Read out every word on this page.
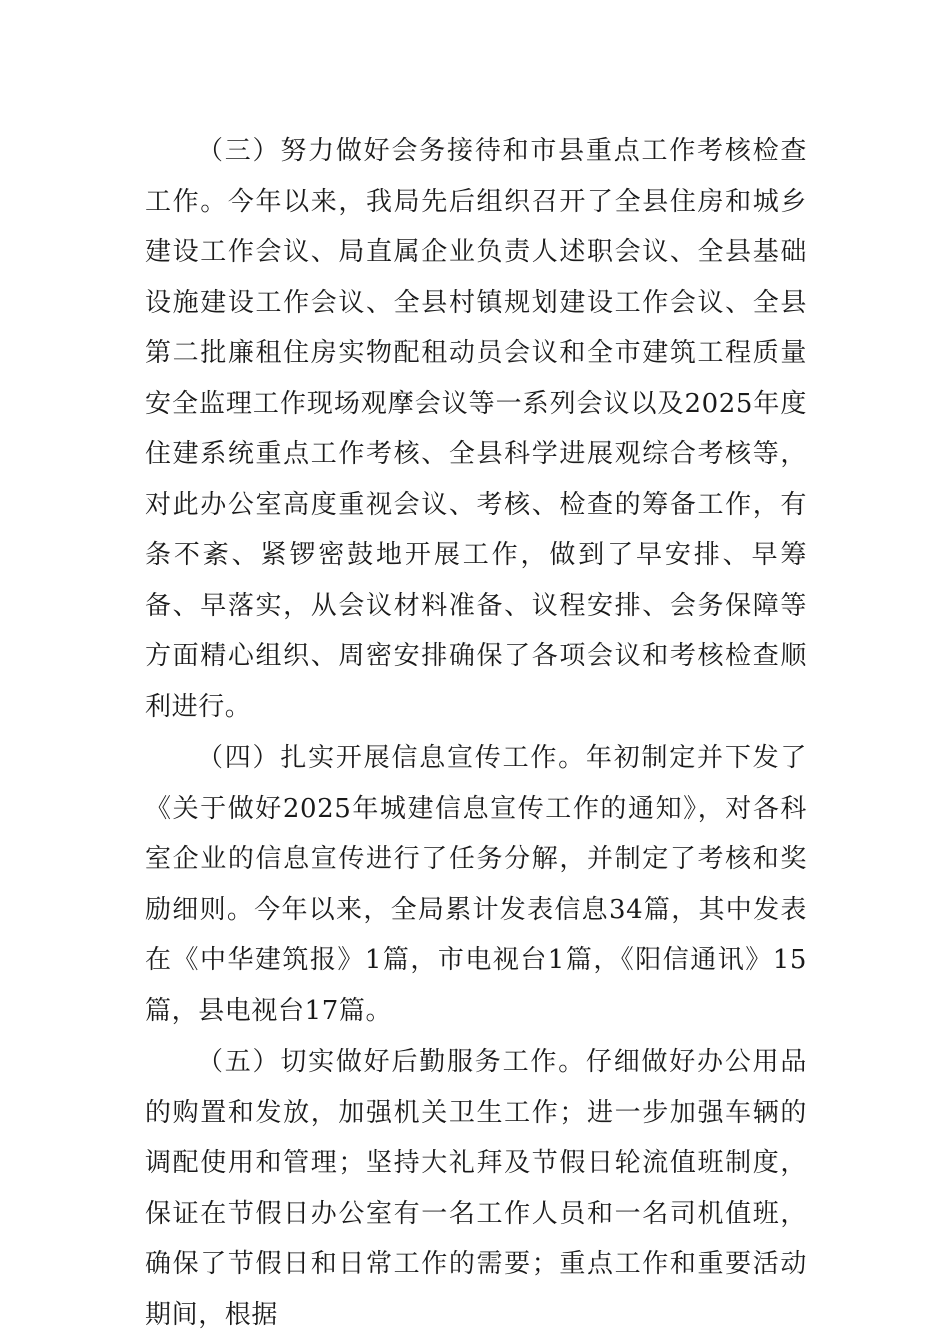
（三）努力做好会务接待和市县重点工作考核检查工作。今年以来，我局先后组织召开了全县住房和城乡建设工作会议、局直属企业负责人述职会议、全县基础设施建设工作会议、全县村镇规划建设工作会议、全县第二批廉租住房实物配租动员会议和全市建筑工程质量安全监理工作现场观摩会议等一系列会议以及2025年度住建系统重点工作考核、全县科学进展观综合考核等，对此办公室高度重视会议、考核、检查的筹备工作，有条不紊、紧锣密鼓地开展工作，做到了早安排、早筹备、早落实，从会议材料准备、议程安排、会务保障等方面精心组织、周密安排确保了各项会议和考核检查顺利进行。

（四）扎实开展信息宣传工作。年初制定并下发了《关于做好2025年城建信息宣传工作的通知》，对各科室企业的信息宣传进行了任务分解，并制定了考核和奖励细则。今年以来，全局累计发表信息34篇，其中发表在《中华建筑报》1篇，市电视台1篇，《阳信通讯》15篇，县电视台17篇。

（五）切实做好后勤服务工作。仔细做好办公用品的购置和发放，加强机关卫生工作；进一步加强车辆的调配使用和管理；坚持大礼拜及节假日轮流值班制度，保证在节假日办公室有一名工作人员和一名司机值班，确保了节假日和日常工作的需要；重点工作和重要活动期间，根据
